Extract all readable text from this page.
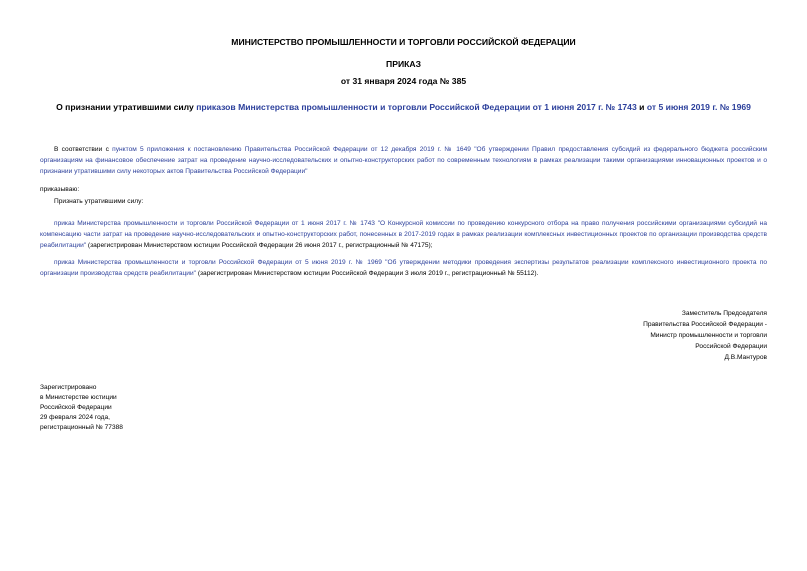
МИНИСТЕРСТВО ПРОМЫШЛЕННОСТИ И ТОРГОВЛИ РОССИЙСКОЙ ФЕДЕРАЦИИ
ПРИКАЗ
от 31 января 2024 года № 385
О признании утратившими силу приказов Министерства промышленности и торговли Российской Федерации от 1 июня 2017 г. № 1743 и от 5 июня 2019 г. № 1969

В соответствии с пунктом 5 приложения к постановлению Правительства Российской Федерации от 12 декабря 2019 г. № 1649 "Об утверждении Правил предоставления субсидий из федерального бюджета российским организациям на финансовое обеспечение затрат на проведение научно-исследовательских и опытно-конструкторских работ по современным технологиям в рамках реализации такими организациями инновационных проектов и о признании утратившими силу некоторых актов Правительства Российской Федерации"

приказываю:

Признать утратившими силу:

приказ Министерства промышленности и торговли Российской Федерации от 1 июня 2017 г. № 1743 "О Конкурсной комиссии по проведению конкурсного отбора на право получения российскими организациями субсидий на компенсацию части затрат на проведение научно-исследовательских и опытно-конструкторских работ, понесенных в 2017-2019 годах в рамках реализации комплексных инвестиционных проектов по организации производства средств реабилитации" (зарегистрирован Министерством юстиции Российской Федерации 26 июня 2017 г., регистрационный № 47175);

приказ Министерства промышленности и торговли Российской Федерации от 5 июня 2019 г. № 1969 "Об утверждении методики проведения экспертизы результатов реализации комплексного инвестиционного проекта по организации производства средств реабилитации" (зарегистрирован Министерством юстиции Российской Федерации 3 июля 2019 г., регистрационный № 55112).

Заместитель Председателя
Правительства Российской Федерации -
Министр промышленности и торговли
Российской Федерации
Д.В.Мантуров
Зарегистрировано
в Министерстве юстиции
Российской Федерации
29 февраля 2024 года,
регистрационный № 77388
